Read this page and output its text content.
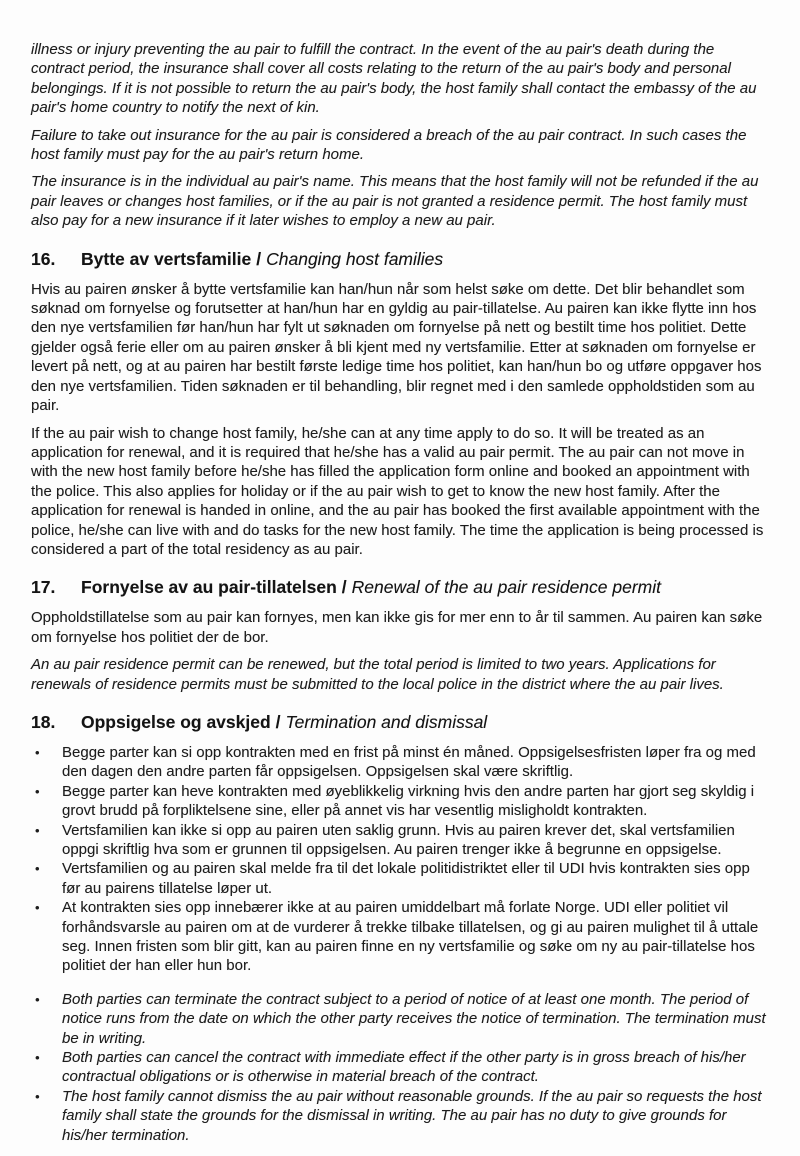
illness or injury preventing the au pair to fulfill the contract. In the event of the au pair's death during the contract period, the insurance shall cover all costs relating to the return of the au pair's body and personal belongings. If it is not possible to return the au pair's body, the host family shall contact the embassy of the au pair's home country to notify the next of kin.

Failure to take out insurance for the au pair is considered a breach of the au pair contract. In such cases the host family must pay for the au pair's return home.

The insurance is in the individual au pair's name. This means that the host family will not be refunded if the au pair leaves or changes host families, or if the au pair is not granted a residence permit. The host family must also pay for a new insurance if it later wishes to employ a new au pair.

16.	Bytte av vertsfamilie / Changing host families

Hvis au pairen ønsker å bytte vertsfamilie kan han/hun når som helst søke om dette. Det blir behandlet som søknad om fornyelse og forutsetter at han/hun har en gyldig au pair-tillatelse. Au pairen kan ikke flytte inn hos den nye vertsfamilien før han/hun har fylt ut søknaden om fornyelse på nett og bestilt time hos politiet. Dette gjelder også ferie eller om au pairen ønsker å bli kjent med ny vertsfamilie. Etter at søknaden om fornyelse er levert på nett, og at au pairen har bestilt første ledige time hos politiet, kan han/hun bo og utføre oppgaver hos den nye vertsfamilien. Tiden søknaden er til behandling, blir regnet med i den samlede oppholdstiden som au pair.

If the au pair wish to change host family, he/she can at any time apply to do so. It will be treated as an application for renewal, and it is required that he/she has a valid au pair permit. The au pair can not move in with the new host family before he/she has filled the application form online and booked an appointment with the police. This also applies for holiday or if the au pair wish to get to know the new host family. After the application for renewal is handed in online, and the au pair has booked the first available appointment with the police, he/she can live with and do tasks for the new host family. The time the application is being processed is considered a part of the total residency as au pair.

17.	Fornyelse av au pair-tillatelsen / Renewal of the au pair residence permit

Oppholdstillatelse som au pair kan fornyes, men kan ikke gis for mer enn to år til sammen. Au pairen kan søke om fornyelse hos politiet der de bor.

An au pair residence permit can be renewed, but the total period is limited to two years. Applications for renewals of residence permits must be submitted to the local police in the district where the au pair lives.

18.	Oppsigelse og avskjed / Termination and dismissal
• Begge parter kan si opp kontrakten med en frist på minst én måned. Oppsigelsesfristen løper fra og med den dagen den andre parten får oppsigelsen. Oppsigelsen skal være skriftlig.
• Begge parter kan heve kontrakten med øyeblikkelig virkning hvis den andre parten har gjort seg skyldig i grovt brudd på forpliktelsene sine, eller på annet vis har vesentlig misligholdt kontrakten.
• Vertsfamilien kan ikke si opp au pairen uten saklig grunn. Hvis au pairen krever det, skal vertsfamilien oppgi skriftlig hva som er grunnen til oppsigelsen. Au pairen trenger ikke å begrunne en oppsigelse.
• Vertsfamilien og au pairen skal melde fra til det lokale politidistriktet eller til UDI hvis kontrakten sies opp før au pairens tillatelse løper ut.
• At kontrakten sies opp innebærer ikke at au pairen umiddelbart må forlate Norge. UDI eller politiet vil forhåndsvarsle au pairen om at de vurderer å trekke tilbake tillatelsen, og gi au pairen mulighet til å uttale seg. Innen fristen som blir gitt, kan au pairen finne en ny vertsfamilie og søke om ny au pair-tillatelse hos politiet der han eller hun bor.
• Both parties can terminate the contract subject to a period of notice of at least one month. The period of notice runs from the date on which the other party receives the notice of termination. The termination must be in writing.
• Both parties can cancel the contract with immediate effect if the other party is in gross breach of his/her contractual obligations or is otherwise in material breach of the contract.
• The host family cannot dismiss the au pair without reasonable grounds. If the au pair so requests the host family shall state the grounds for the dismissal in writing. The au pair has no duty to give grounds for his/her termination.
